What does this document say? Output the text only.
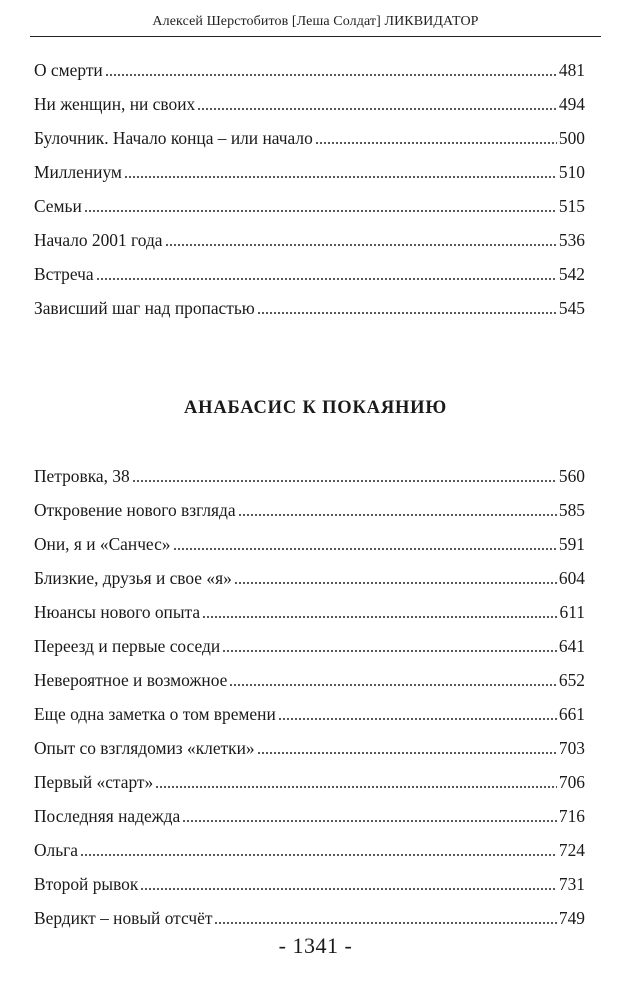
Алексей Шерстобитов [Леша Солдат] ЛИКВИДАТОР
О смерти	481
Ни женщин, ни своих	494
Булочник. Начало конца – или начало	500
Миллениум	510
Семьи	515
Начало 2001 года	536
Встреча	542
Зависший шаг над пропастью	545
АНАБАСИС К ПОКАЯНИЮ
Петровка, 38	560
Откровение нового взгляда	585
Они, я и «Санчес»	591
Близкие, друзья и свое «я»	604
Нюансы нового опыта	611
Переезд и первые соседи	641
Невероятное и возможное	652
Еще одна заметка о том времени	661
Опыт со взглядомиз «клетки»	703
Первый «старт»	706
Последняя надежда	716
Ольга	724
Второй рывок	731
Вердикт – новый отсчёт	749
- 1341 -
